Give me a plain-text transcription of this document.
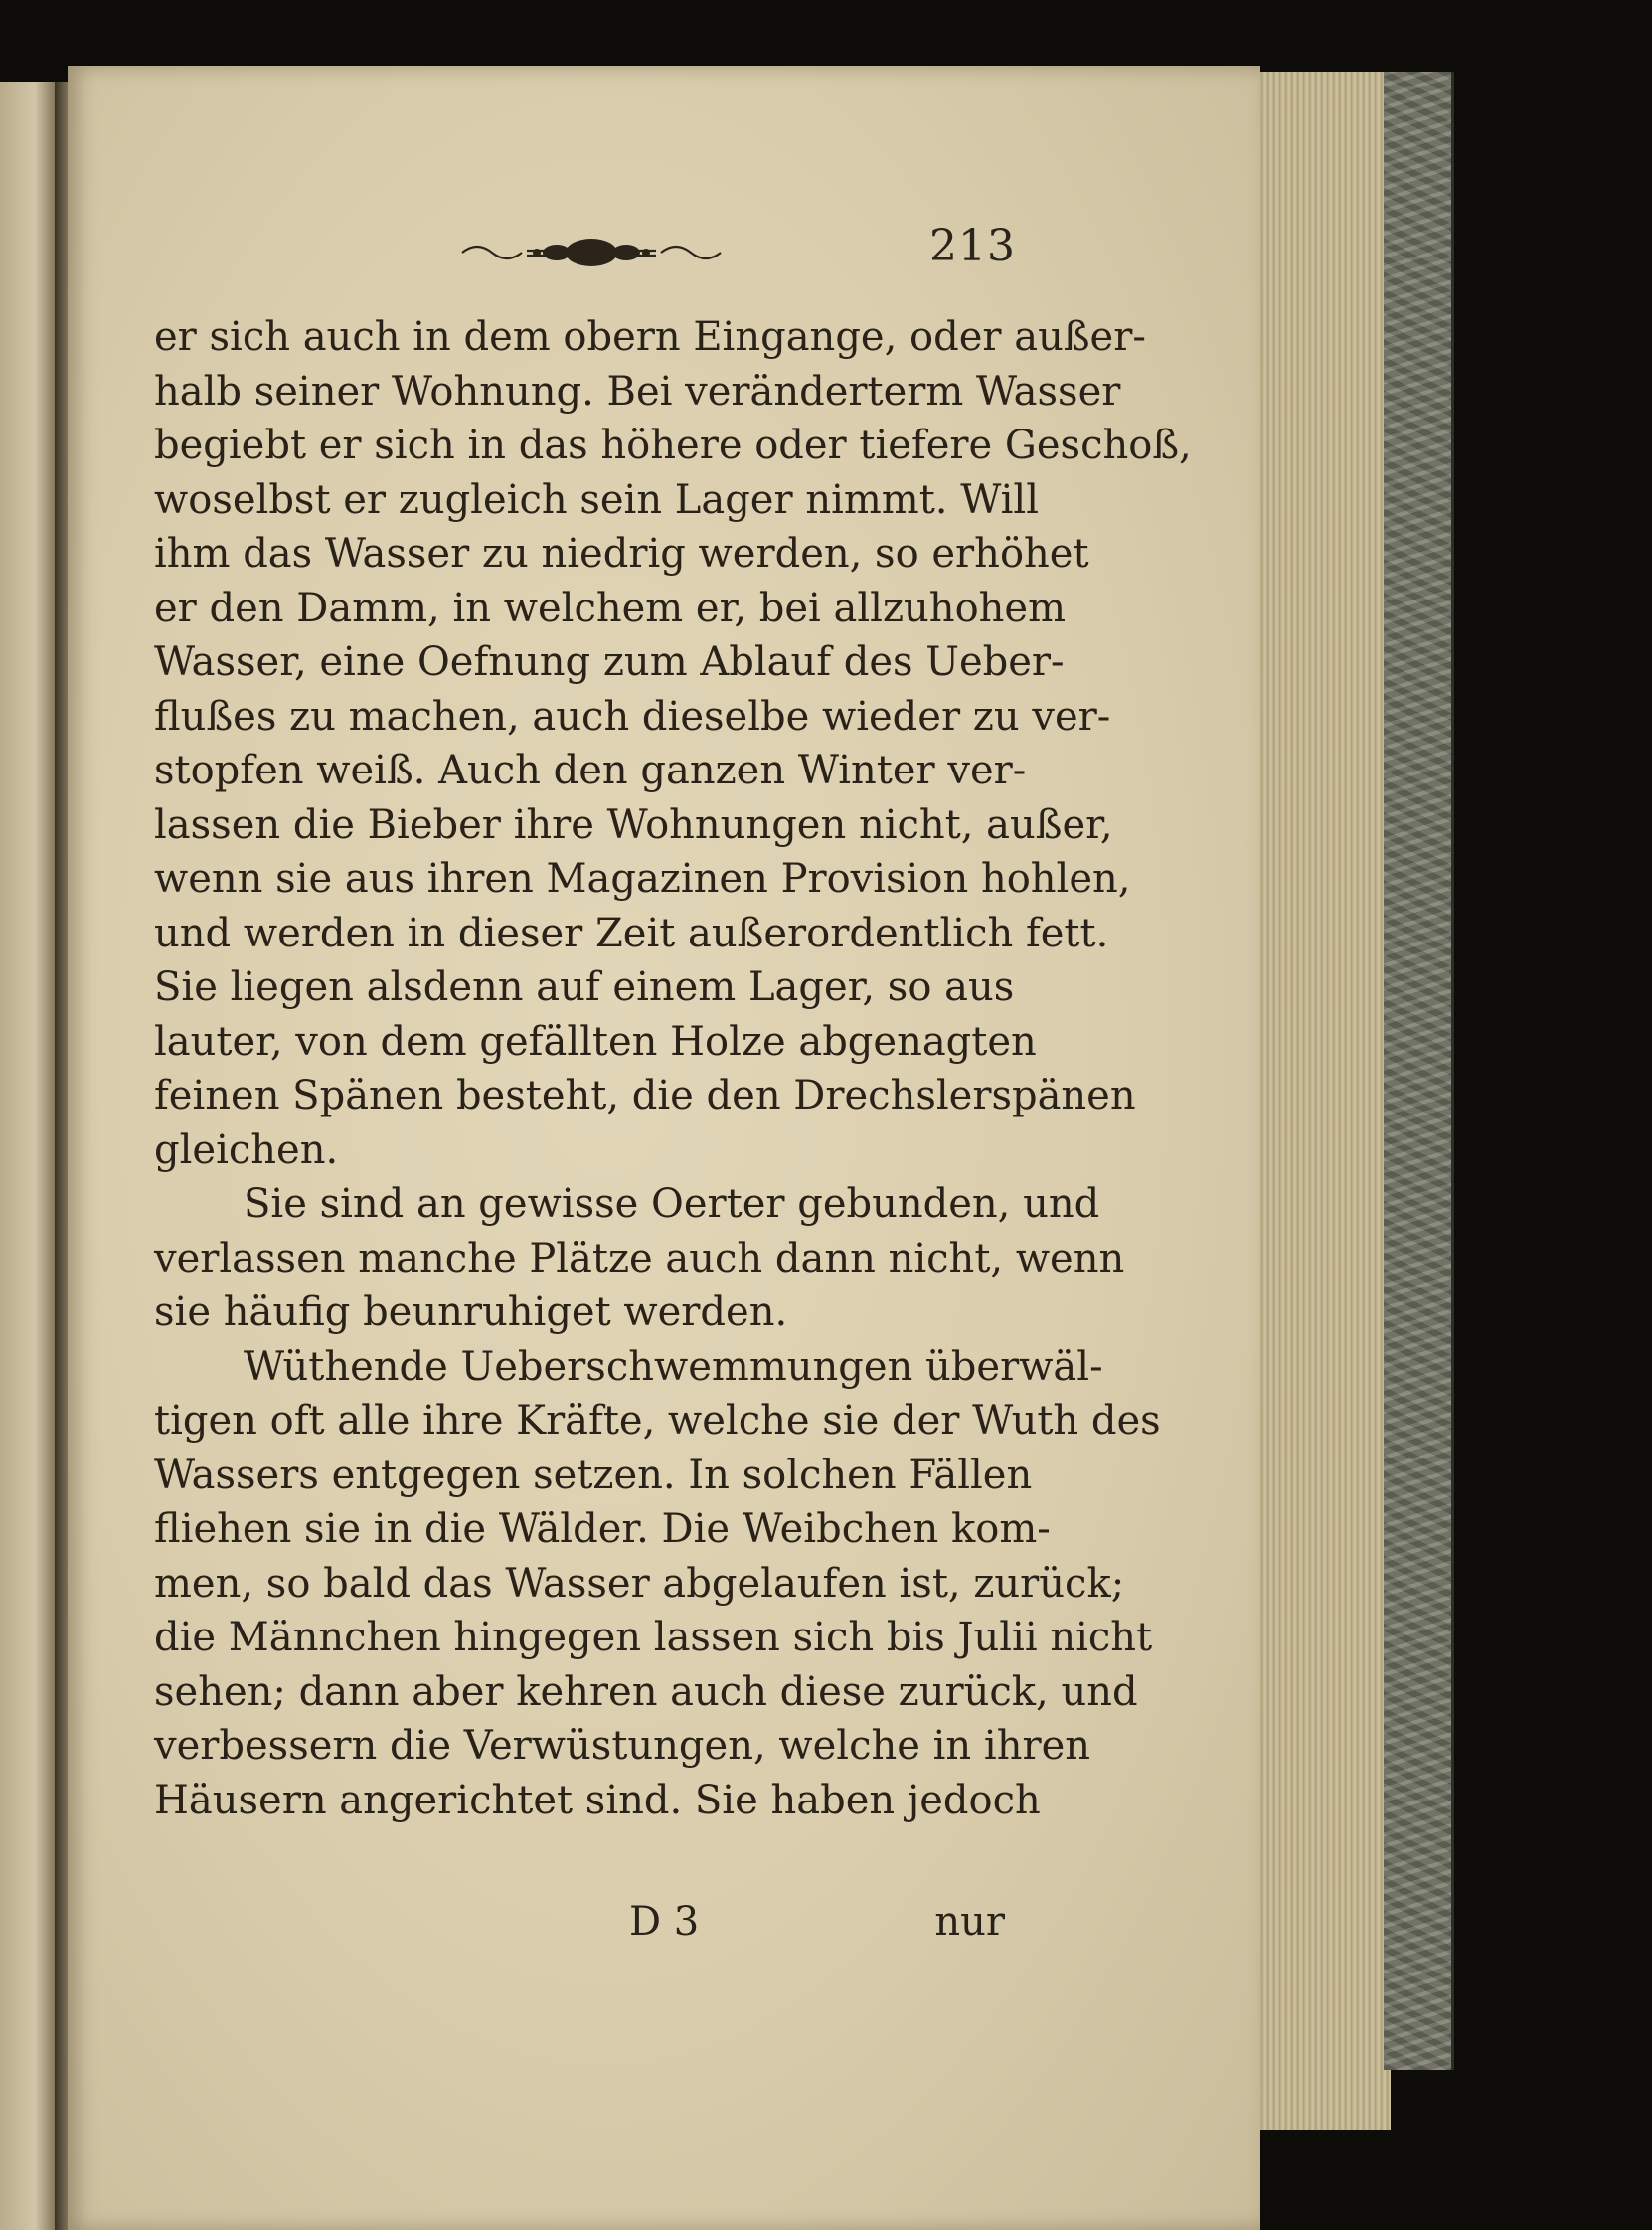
213
er sich auch in dem obern Eingange, oder außer-
halb seiner Wohnung. Bei veränderterm Wasser
begiebt er sich in das höhere oder tiefere Geschoß,
woselbst er zugleich sein Lager nimmt. Will
ihm das Wasser zu niedrig werden, so erhöhet
er den Damm, in welchem er, bei allzuhohem
Wasser, eine Oefnung zum Ablauf des Ueber-
flußes zu machen, auch dieselbe wieder zu ver-
stopfen weiß. Auch den ganzen Winter ver-
lassen die Bieber ihre Wohnungen nicht, außer,
wenn sie aus ihren Magazinen Provision hohlen,
und werden in dieser Zeit außerordentlich fett.
Sie liegen alsdenn auf einem Lager, so aus
lauter, von dem gefällten Holze abgenagten
feinen Spänen besteht, die den Drechslerspänen
gleichen.
Sie sind an gewisse Oerter gebunden, und
verlassen manche Plätze auch dann nicht, wenn
sie häufig beunruhiget werden.
Wüthende Ueberschwemmungen überwäl-
tigen oft alle ihre Kräfte, welche sie der Wuth des
Wassers entgegen setzen. In solchen Fällen
fliehen sie in die Wälder. Die Weibchen kom-
men, so bald das Wasser abgelaufen ist, zurück;
die Männchen hingegen lassen sich bis Julii nicht
sehen; dann aber kehren auch diese zurück, und
verbessern die Verwüstungen, welche in ihren
Häusern angerichtet sind. Sie haben jedoch
D 3	nur
